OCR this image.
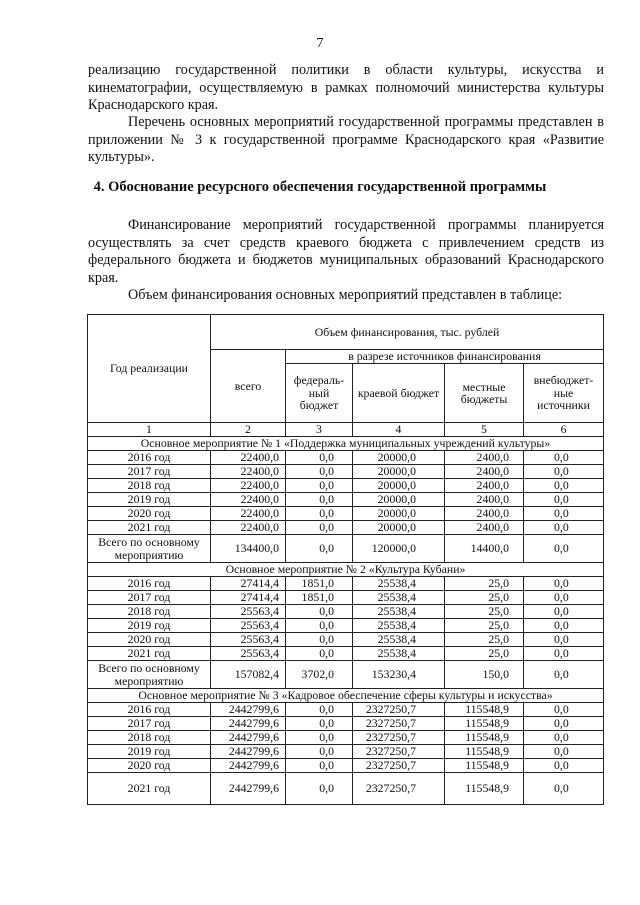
7
реализацию государственной политики в области культуры, искусства и кинематографии, осуществляемую в рамках полномочий министерства культуры Краснодарского края.
Перечень основных мероприятий государственной программы представлен в приложении № 3 к государственной программе Краснодарского края «Развитие культуры».
4. Обоснование ресурсного обеспечения государственной программы
Финансирование мероприятий государственной программы планируется осуществлять за счет средств краевого бюджета с привлечением средств из федерального бюджета и бюджетов муниципальных образований Краснодарского края.
Объем финансирования основных мероприятий представлен в таблице:
Год реализации	Объем финансирования, тыс. рублей				
	всего	в разрезе источников финансирования			
		федераль-ный бюджет	краевой бюджет	местные бюджеты	внебюджет-ные источники
1	2	3	4	5	6
Основное мероприятие № 1 «Поддержка муниципальных учреждений культуры»					
2016 год	22400,0	0,0	20000,0	2400,0	0,0
2017 год	22400,0	0,0	20000,0	2400,0	0,0
2018 год	22400,0	0,0	20000,0	2400,0	0,0
2019 год	22400,0	0,0	20000,0	2400,0	0,0
2020 год	22400,0	0,0	20000,0	2400,0	0,0
2021 год	22400,0	0,0	20000,0	2400,0	0,0
Всего по основному мероприятию	134400,0	0,0	120000,0	14400,0	0,0
Основное мероприятие № 2 «Культура Кубани»					
2016 год	27414,4	1851,0	25538,4	25,0	0,0
2017 год	27414,4	1851,0	25538,4	25,0	0,0
2018 год	25563,4	0,0	25538,4	25,0	0,0
2019 год	25563,4	0,0	25538,4	25,0	0,0
2020 год	25563,4	0,0	25538,4	25,0	0,0
2021 год	25563,4	0,0	25538,4	25,0	0,0
Всего по основному мероприятию	157082,4	3702,0	153230,4	150,0	0,0
Основное мероприятие № 3 «Кадровое обеспечение сферы культуры и искусства»					
2016 год	2442799,6	0,0	2327250,7	115548,9	0,0
2017 год	2442799,6	0,0	2327250,7	115548,9	0,0
2018 год	2442799,6	0,0	2327250,7	115548,9	0,0
2019 год	2442799,6	0,0	2327250,7	115548,9	0,0
2020 год	2442799,6	0,0	2327250,7	115548,9	0,0
2021 год	2442799,6	0,0	2327250,7	115548,9	0,0
